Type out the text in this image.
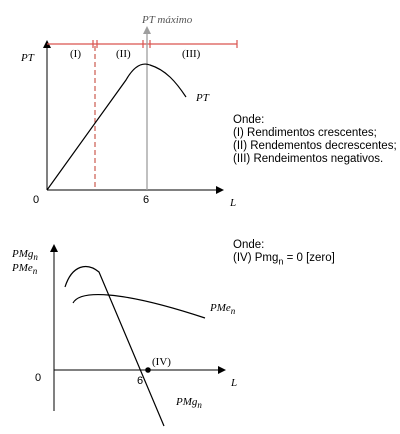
PT máximo
PT
PT
(I)	(II)	(III)
0	6	L
PMg$_n$
PMe$_n$
PMe$_n$
PMg$_n$
(IV)
0	6	L
Onde:
(I) Rendimentos crescentes;
(II) Rendementos decrescentes;
(III) Rendeimentos negativos.
Onde:
(IV) Pmg$_n$ = 0 [zero]
